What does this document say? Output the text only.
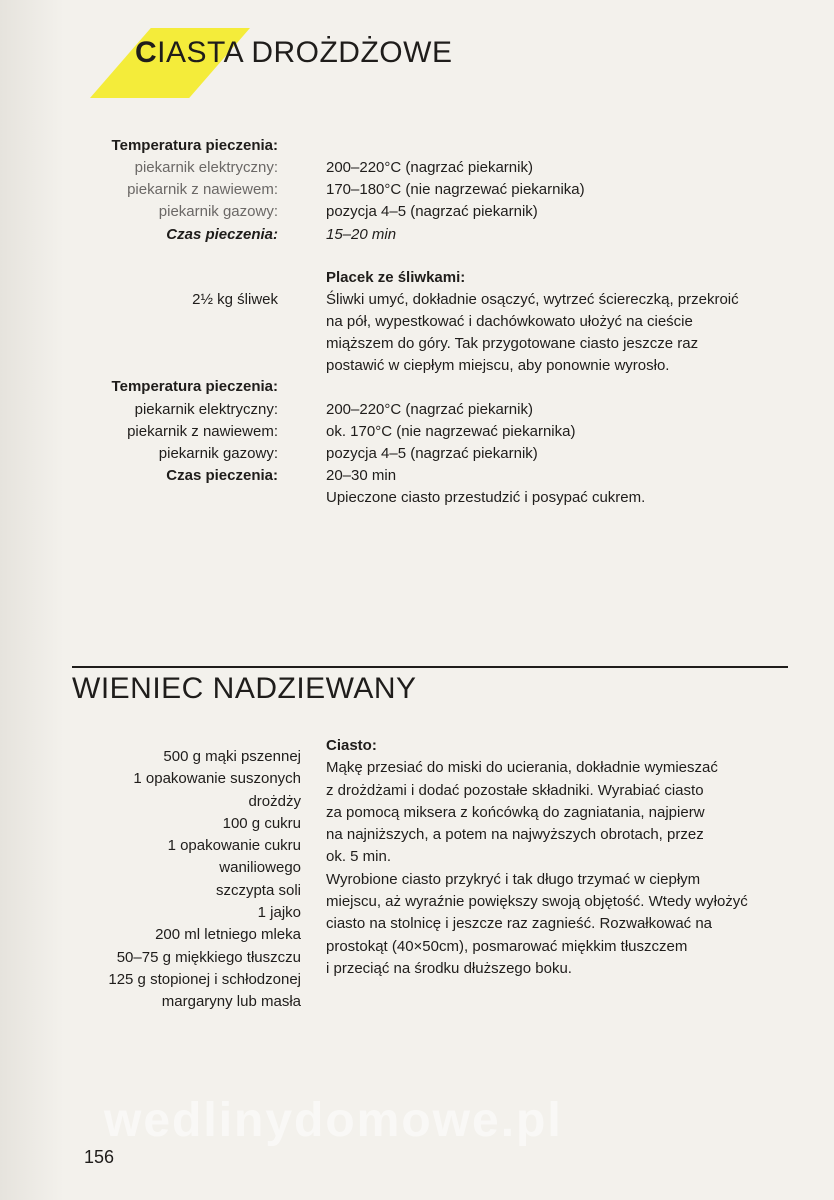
CIASTA DROŻDŻOWE
Temperatura pieczenia:
piekarnik elektryczny:	200–220°C (nagrzać piekarnik)
piekarnik z nawiewem:	170–180°C (nie nagrzewać piekarnika)
piekarnik gazowy:	pozycja 4–5 (nagrzać piekarnik)
Czas pieczenia:	15–20 min
Placek ze śliwkami:
2½ kg śliwek	Śliwki umyć, dokładnie osączyć, wytrzeć ściereczką, przekroić
na pół, wypestkować i dachówkowato ułożyć na cieście
miąższem do góry. Tak przygotowane ciasto jeszcze raz
postawić w ciepłym miejscu, aby ponownie wyrosło.
Temperatura pieczenia:
piekarnik elektryczny:	200–220°C (nagrzać piekarnik)
piekarnik z nawiewem:	ok. 170°C (nie nagrzewać piekarnika)
piekarnik gazowy:	pozycja 4–5 (nagrzać piekarnik)
Czas pieczenia:	20–30 min
Upieczone ciasto przestudzić i posypać cukrem.
WIENIEC NADZIEWANY
500 g mąki pszennej
1 opakowanie suszonych
drożdży
100 g cukru
1 opakowanie cukru
waniliowego
szczypta soli
1 jajko
200 ml letniego mleka
50–75 g miękkiego tłuszczu
125 g stopionej i schłodzonej
margaryny lub masła
Ciasto:
Mąkę przesiać do miski do ucierania, dokładnie wymieszać
z drożdżami i dodać pozostałe składniki. Wyrabiać ciasto
za pomocą miksera z końcówką do zagniatania, najpierw
na najniższych, a potem na najwyższych obrotach, przez
ok. 5 min.
Wyrobione ciasto przykryć i tak długo trzymać w ciepłym
miejscu, aż wyraźnie powiększy swoją objętość. Wtedy wyłożyć
ciasto na stolnicę i jeszcze raz zagnieść. Rozwałkować na
prostokąt (40×50cm), posmarować miękkim tłuszczem
i przeciąć na środku dłuższego boku.
wedlinydomowe.pl
156
